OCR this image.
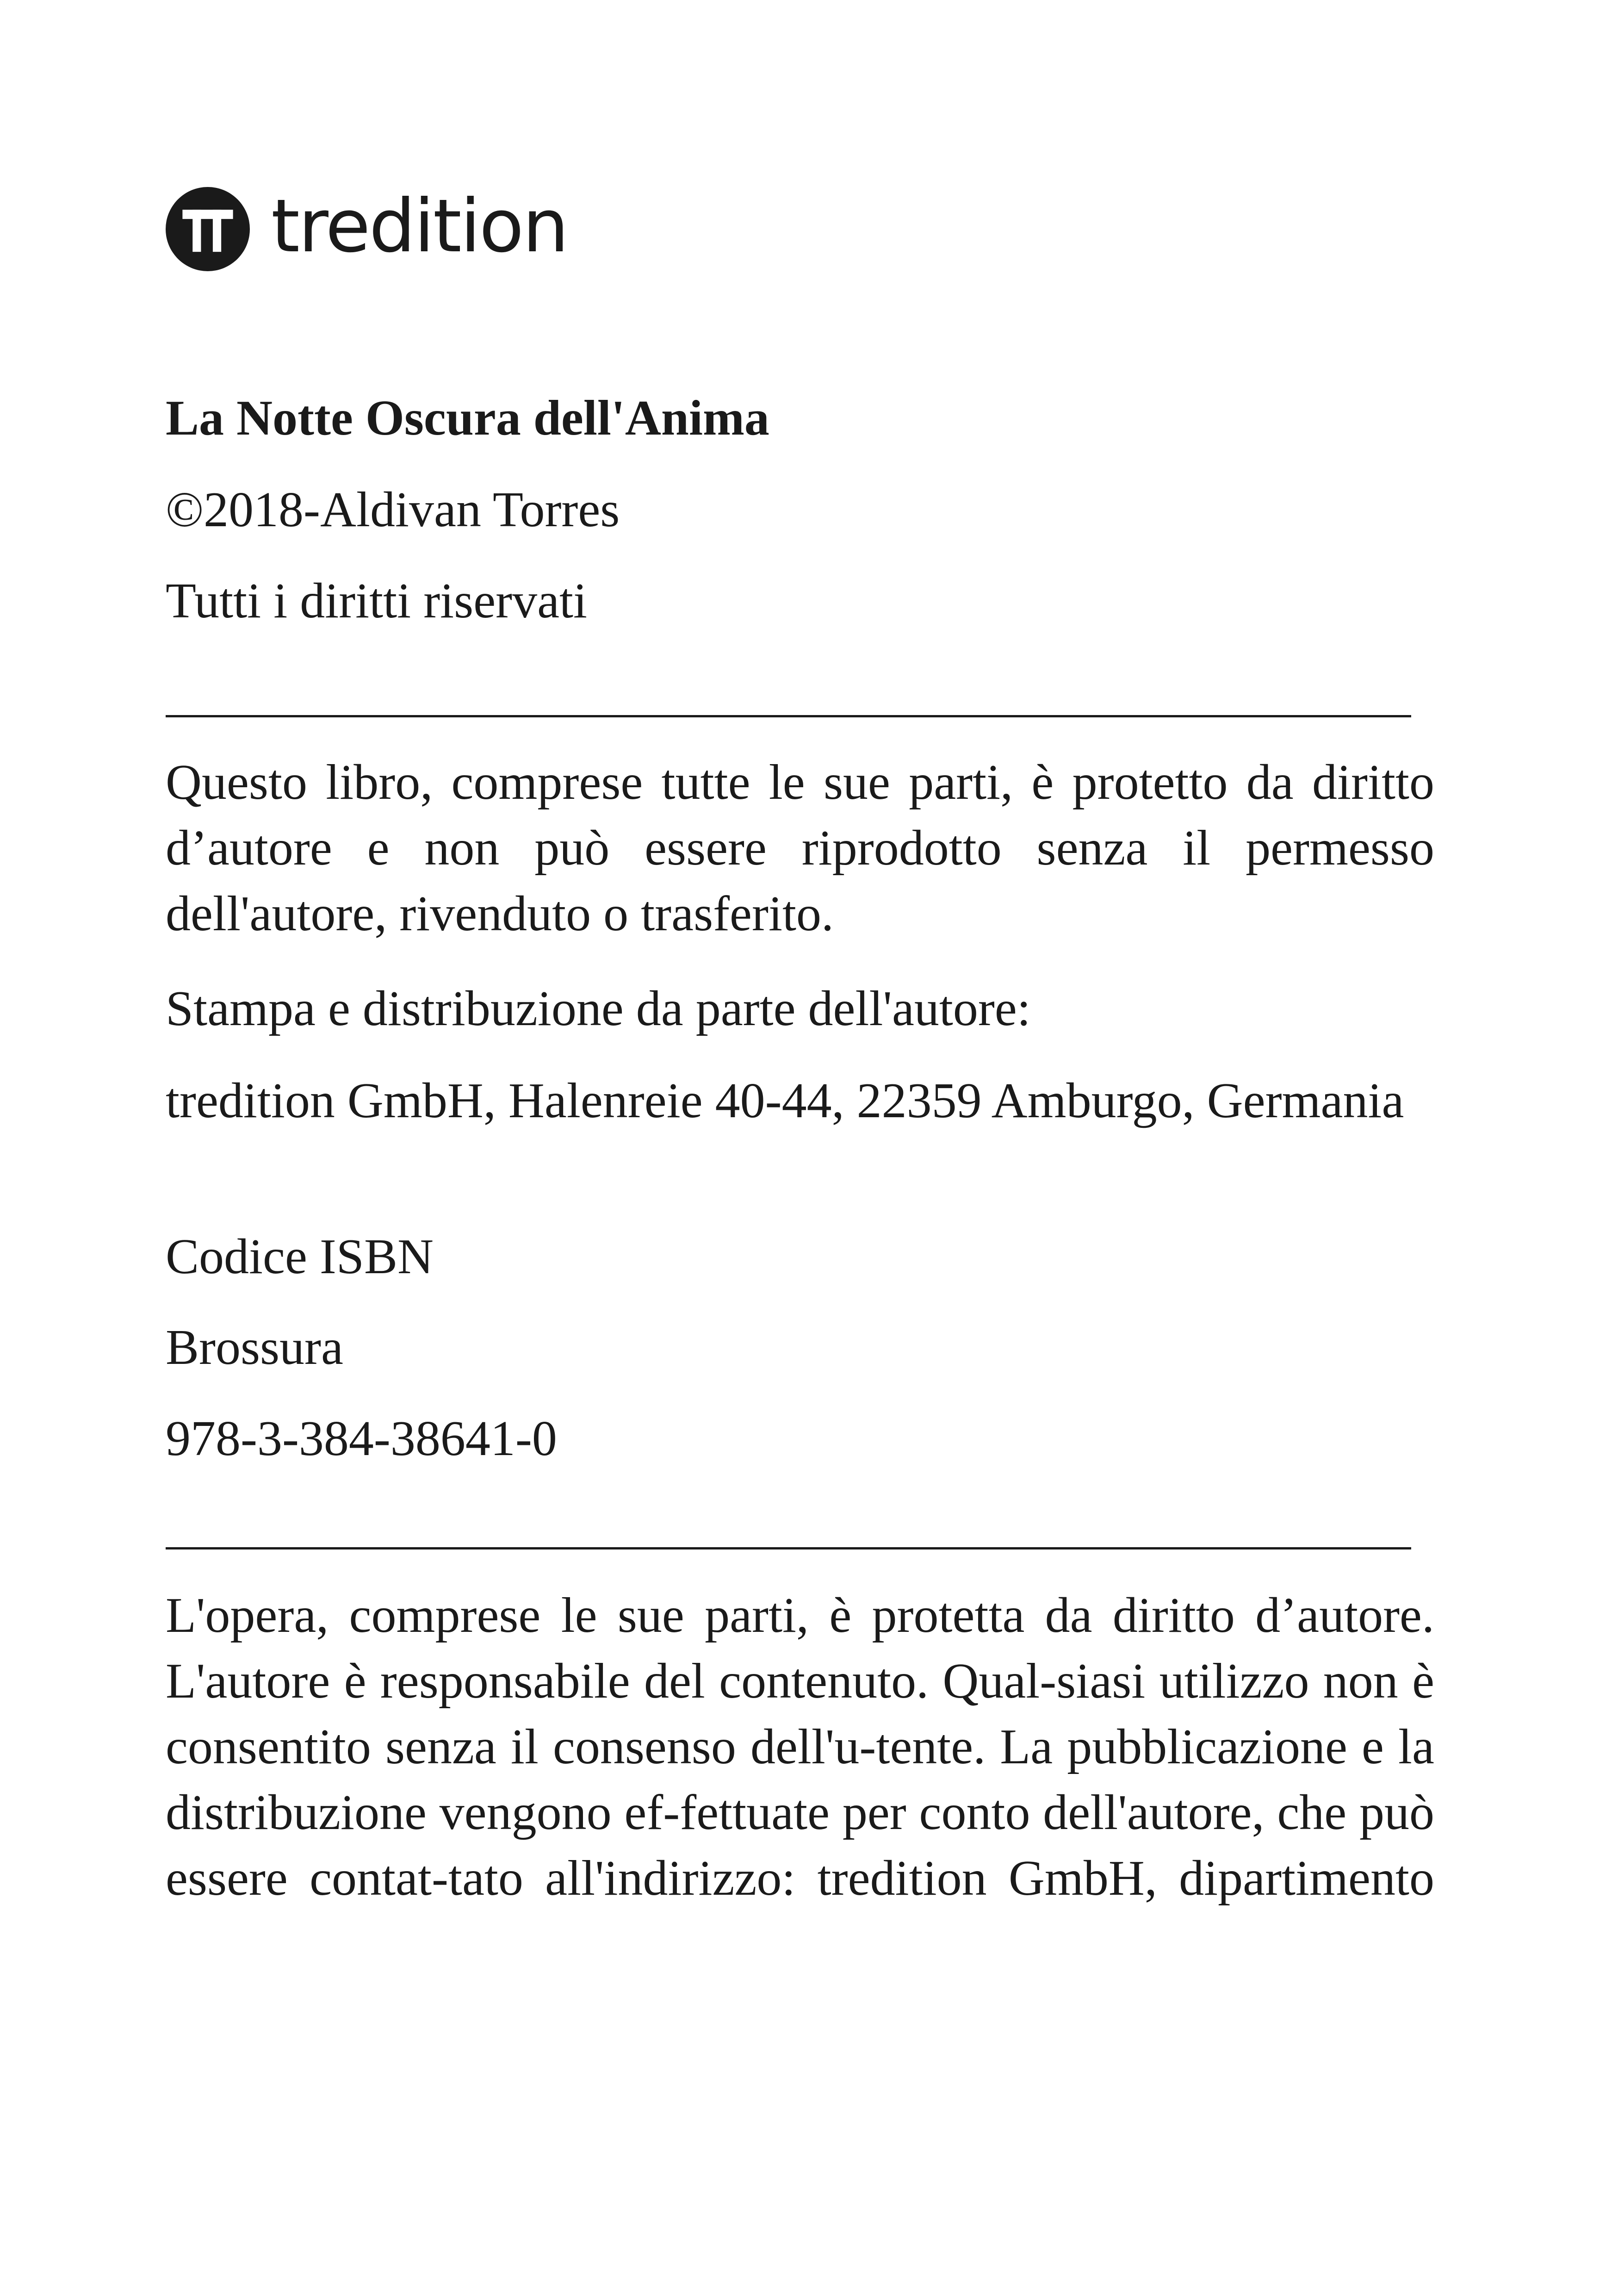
tredition

La Notte Oscura dell'Anima

©2018-Aldivan Torres

Tutti i diritti riservati

Questo libro, comprese tutte le sue parti, è protetto da diritto d’autore e non può essere riprodotto senza il permesso dell'autore, rivenduto o trasferito.

Stampa e distribuzione da parte dell'autore:

tredition GmbH, Halenreie 40-44, 22359 Amburgo, Germania

Codice ISBN

Brossura

978-3-384-38641-0

L'opera, comprese le sue parti, è protetta da diritto d’autore. L'autore è responsabile del contenuto. Qual-siasi utilizzo non è consentito senza il consenso dell'u-tente. La pubblicazione e la distribuzione vengono ef-fettuate per conto dell'autore, che può essere contat-tato all'indirizzo: tredition GmbH, dipartimento
